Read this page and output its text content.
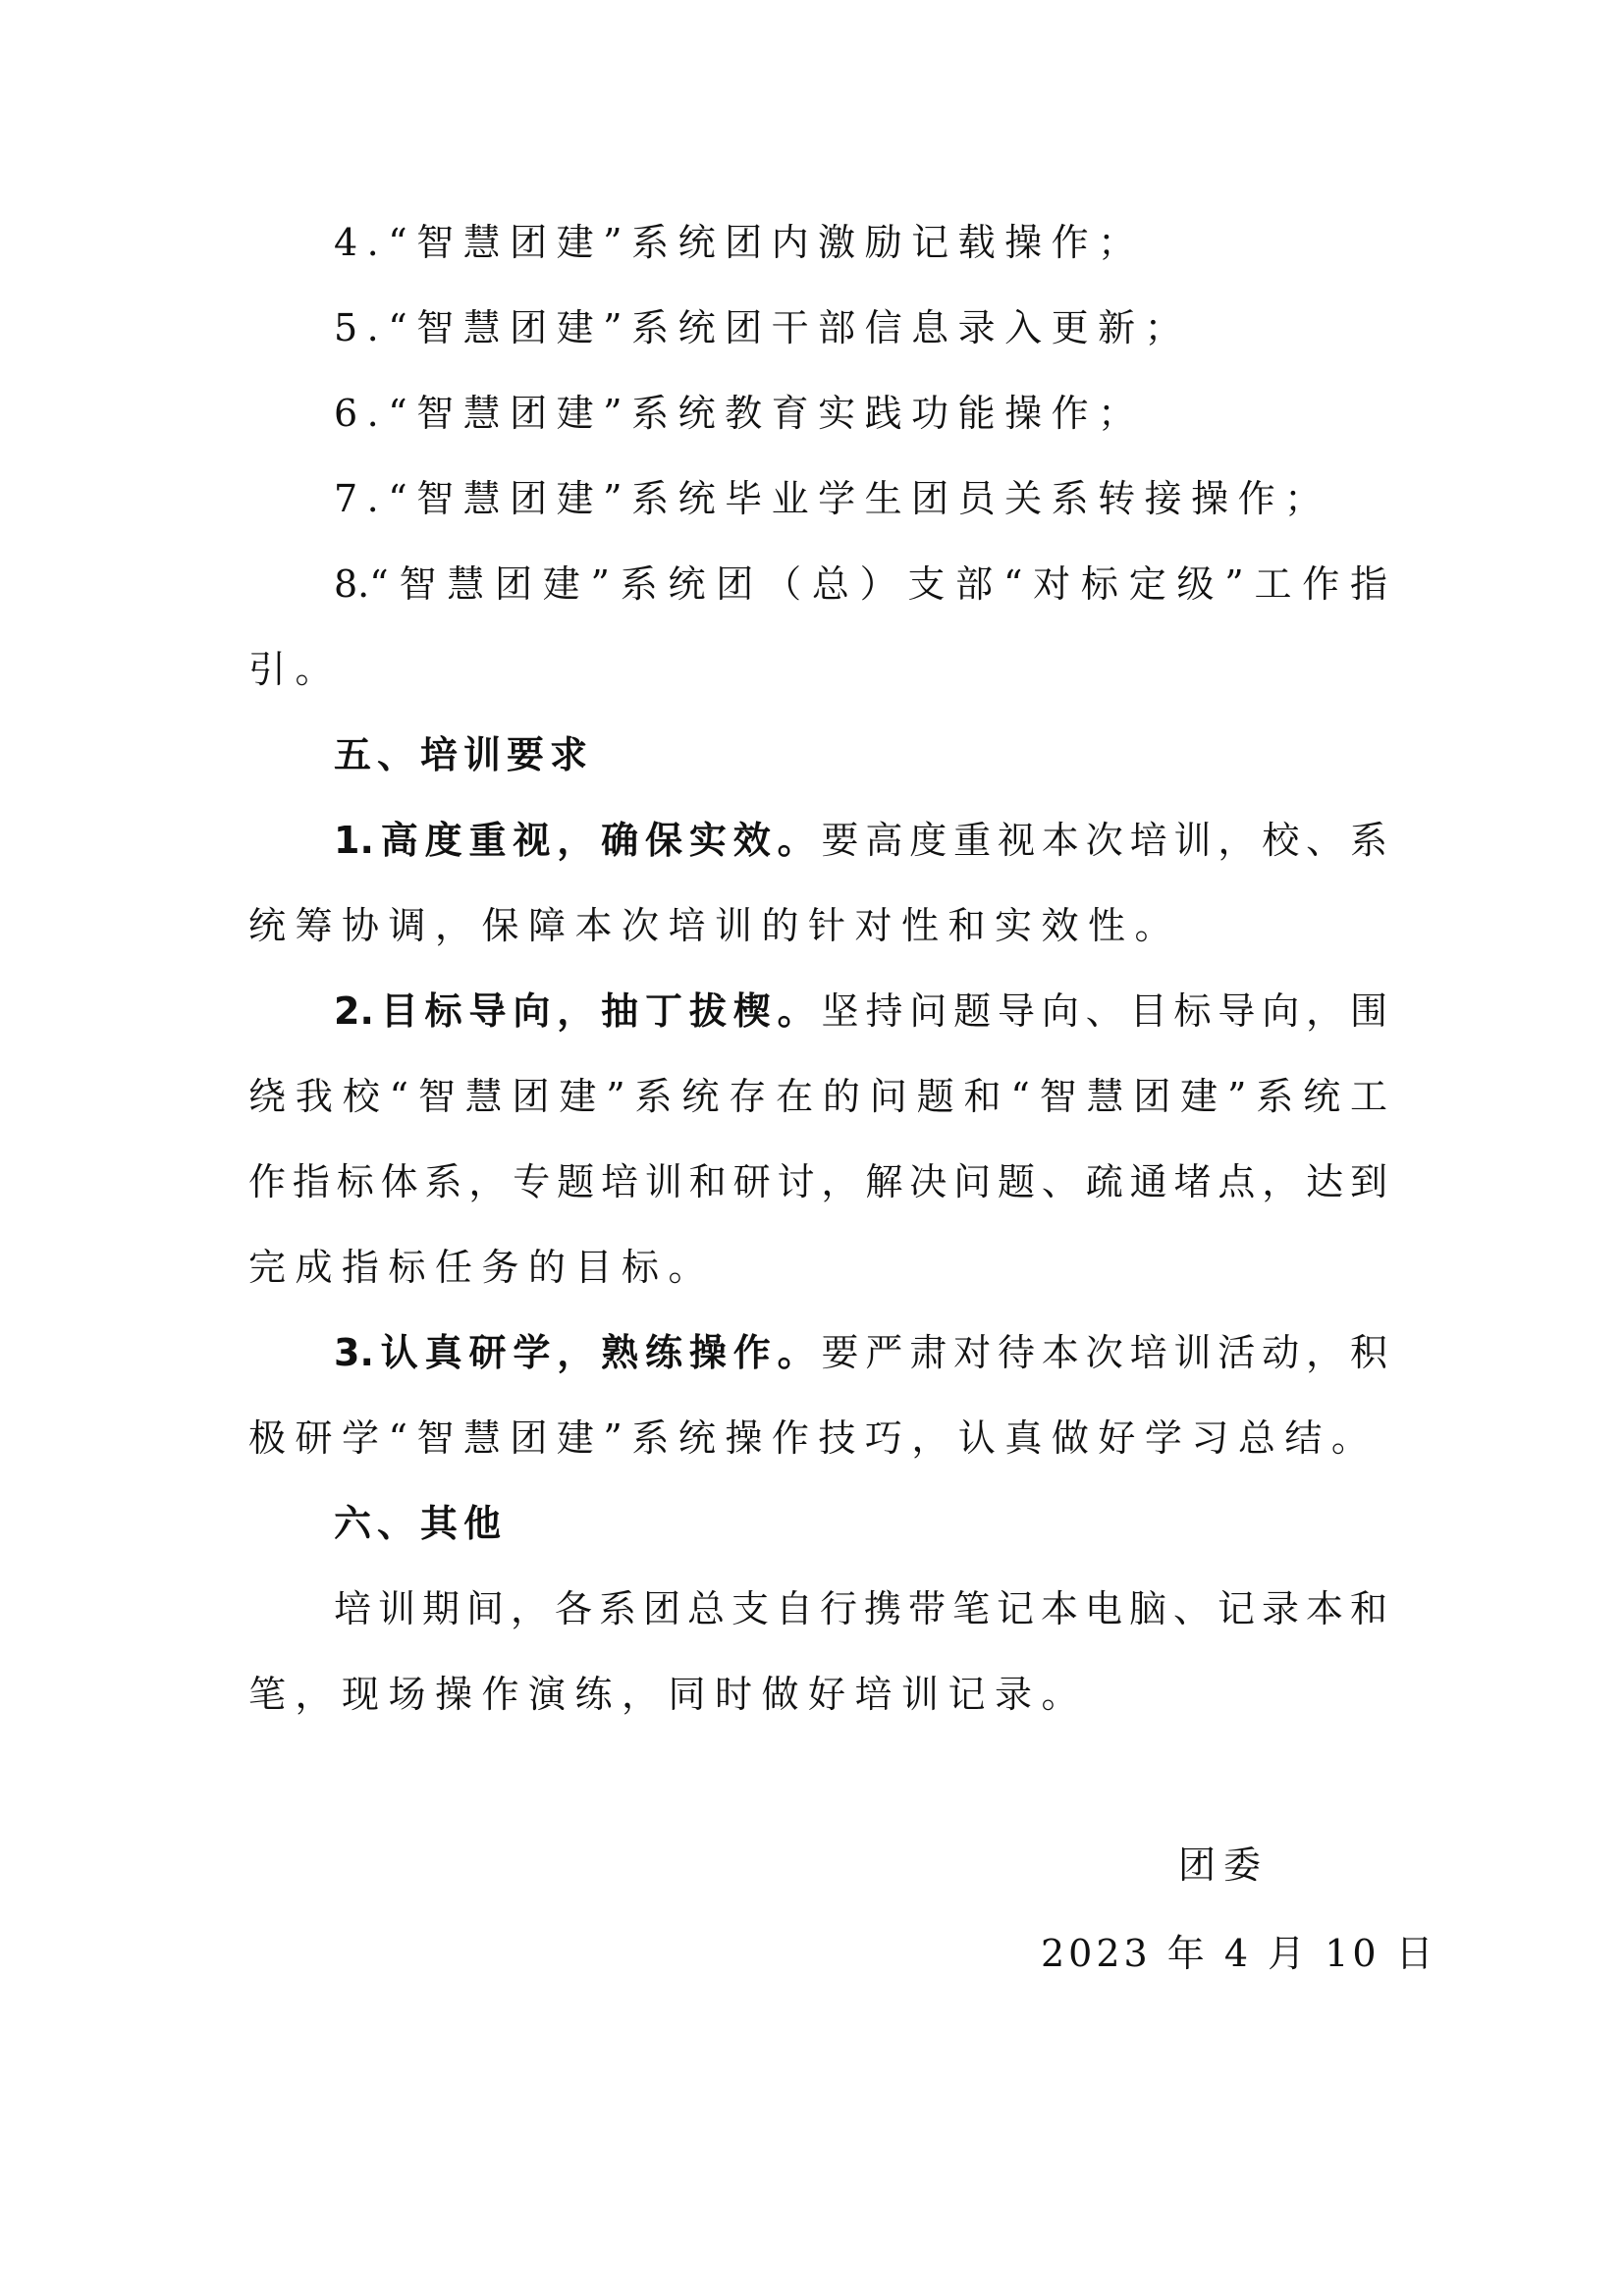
4.“智慧团建”系统团内激励记载操作；
5.“智慧团建”系统团干部信息录入更新；
6.“智慧团建”系统教育实践功能操作；
7.“智慧团建”系统毕业学生团员关系转接操作；
8.“智慧团建”系统团（总）支部“对标定级”工作指
引。
五、培训要求
1.高度重视，确保实效。要高度重视本次培训，校、系
统筹协调，保障本次培训的针对性和实效性。
2.目标导向，抽丁拔楔。坚持问题导向、目标导向，围
绕我校“智慧团建”系统存在的问题和“智慧团建”系统工
作指标体系，专题培训和研讨，解决问题、疏通堵点，达到
完成指标任务的目标。
3.认真研学，熟练操作。要严肃对待本次培训活动，积
极研学“智慧团建”系统操作技巧，认真做好学习总结。
六、其他
培训期间，各系团总支自行携带笔记本电脑、记录本和
笔，现场操作演练，同时做好培训记录。
团委
2023 年 4 月 10 日
